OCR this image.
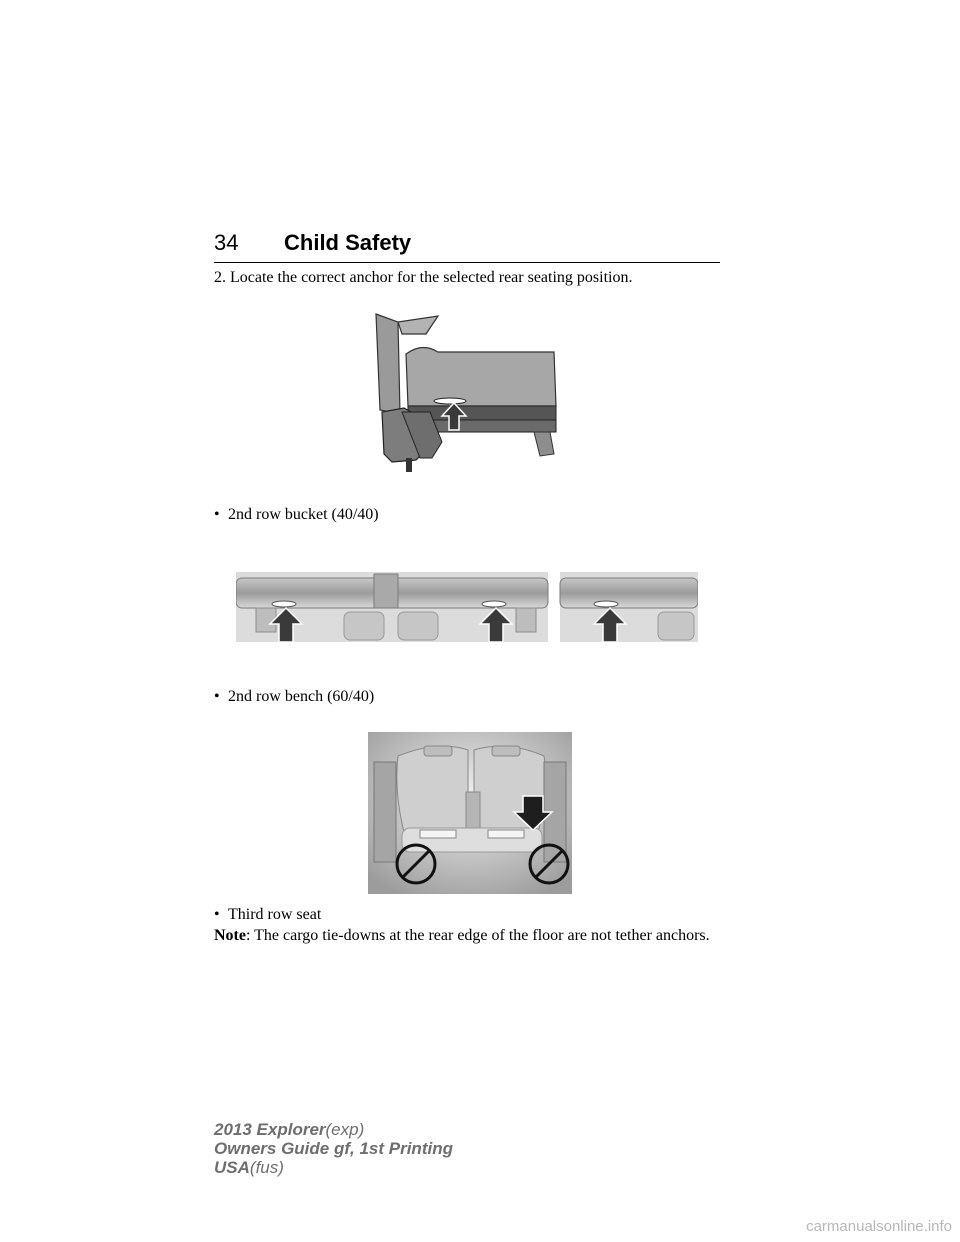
34 Child Safety
2. Locate the correct anchor for the selected rear seating position.
• 2nd row bucket (40/40)
• 2nd row bench (60/40)
• Third row seat
Note: The cargo tie-downs at the rear edge of the floor are not tether anchors.
2013 Explorer(exp)
Owners Guide gf, 1st Printing
USA(fus)
carmanualsonline.info
